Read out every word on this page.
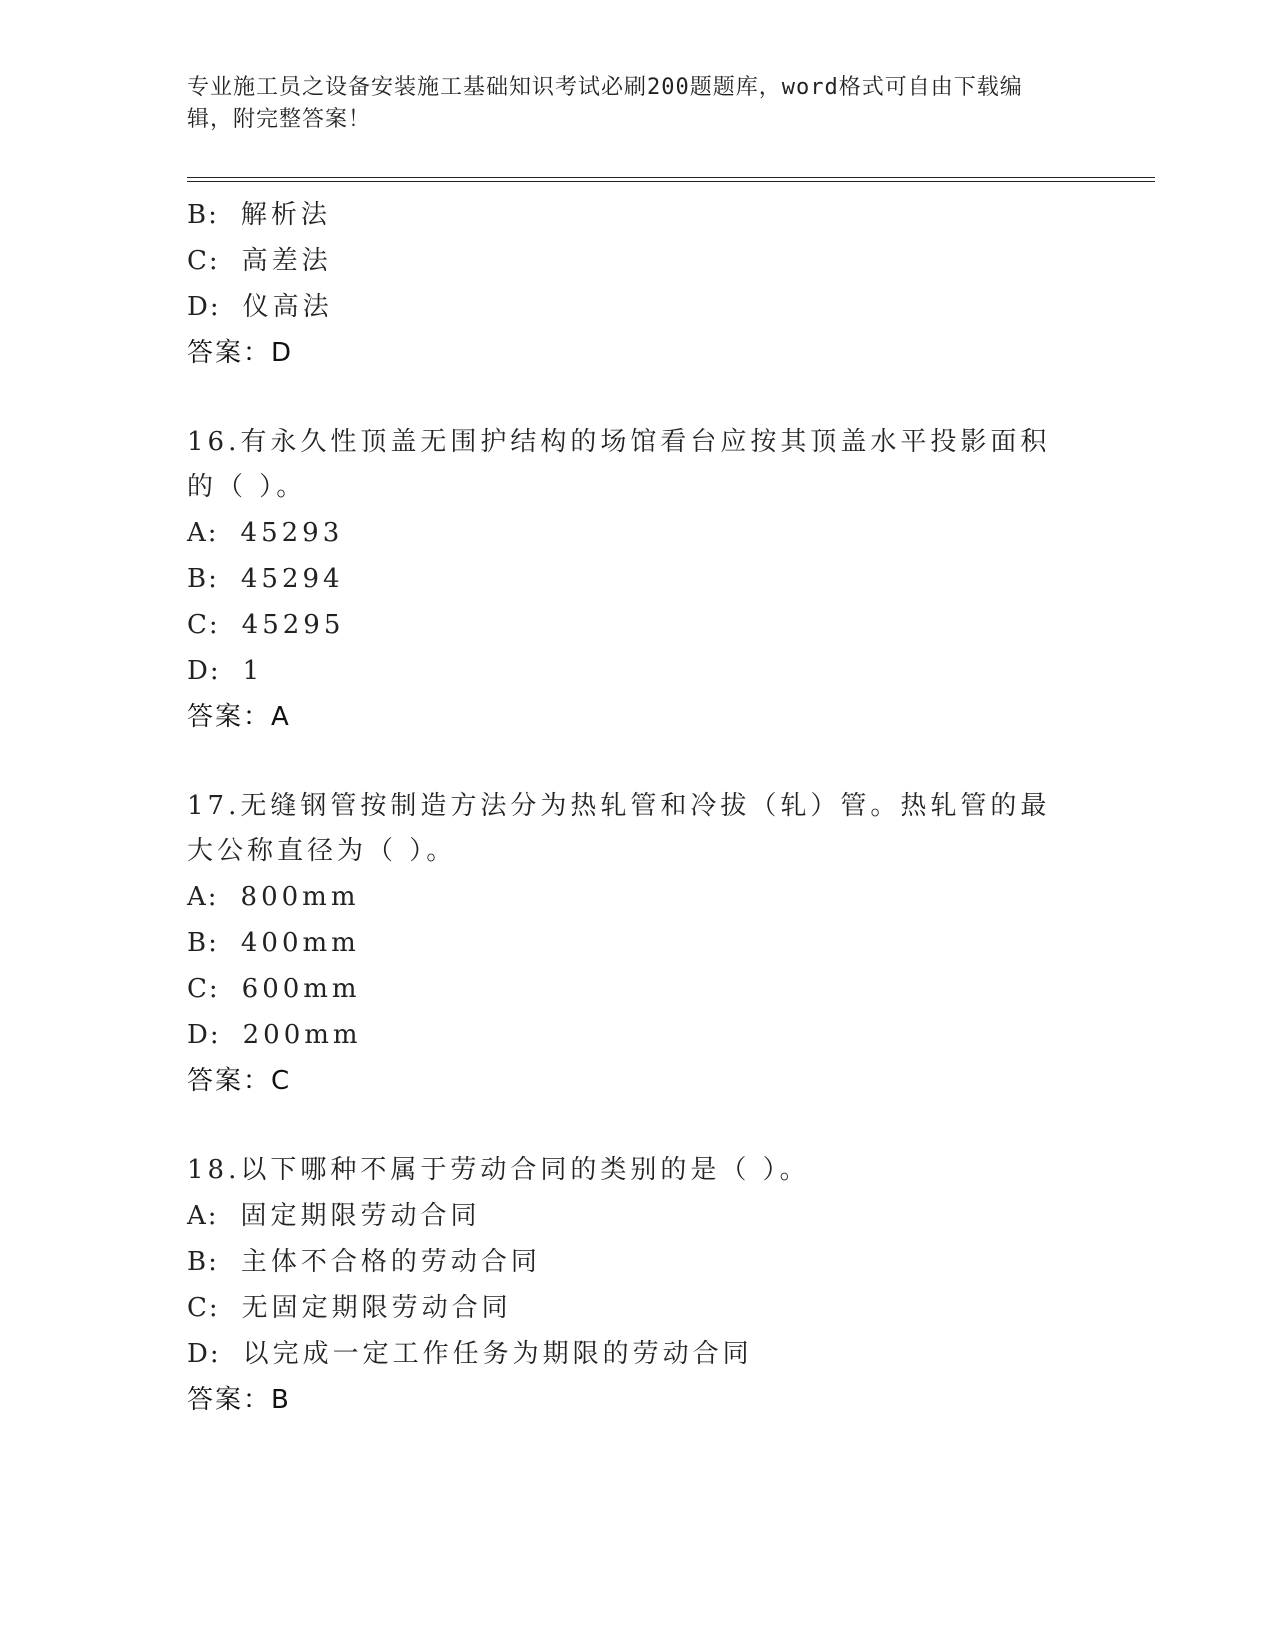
专业施工员之设备安装施工基础知识考试必刷200题题库，word格式可自由下载编辑，附完整答案！
B: 解析法
C: 高差法
D: 仪高法
答案：D
16.有永久性顶盖无围护结构的场馆看台应按其顶盖水平投影面积的（ ）。
A: 45293
B: 45294
C: 45295
D: 1
答案：A
17.无缝钢管按制造方法分为热轧管和冷拔（轧）管。热轧管的最大公称直径为（ ）。
A: 800mm
B: 400mm
C: 600mm
D: 200mm
答案：C
18.以下哪种不属于劳动合同的类别的是（ ）。
A: 固定期限劳动合同
B: 主体不合格的劳动合同
C: 无固定期限劳动合同
D: 以完成一定工作任务为期限的劳动合同
答案：B
